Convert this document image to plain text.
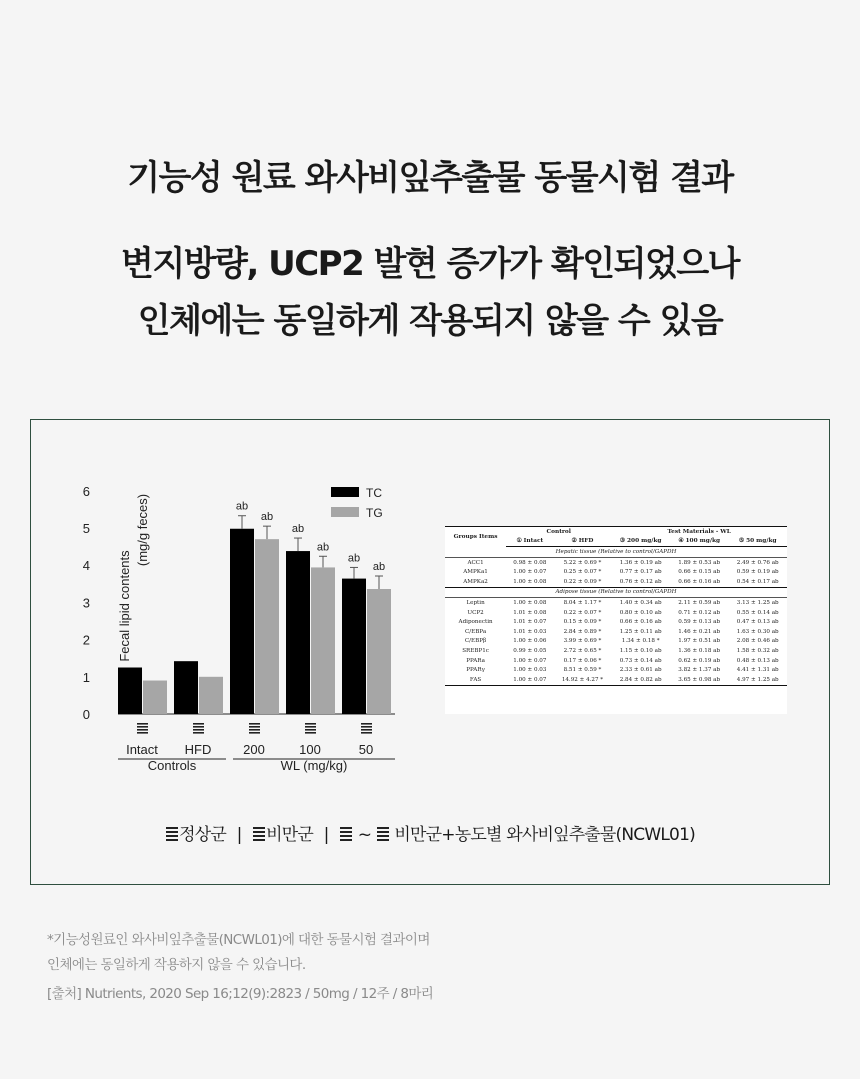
기능성 원료 와사비잎추출물 동물시험 결과
변지방량, UCP2 발현 증가가 확인되었으나
인체에는 동일하게 작용되지 않을 수 있음
0
1
2
3
4
5
6
Fecal lipid contents
(mg/g feces)
Intact HFD
ab
ab
200
ab
ab
100
ab
ab
50
Controls	WL (mg/kg)
TC
TG
Groups Items	Control		Test Materials - WL		
	① Intact	② HFD	③ 200 mg/kg	④ 100 mg/kg	⑤ 50 mg/kg
Hepatic tissue (Relative to control/GAPDH					
ACC1	0.98 ± 0.08	5.22 ± 0.69 *	1.36 ± 0.19 ab	1.89 ± 0.53 ab	2.49 ± 0.76 ab
AMPKa1	1.00 ± 0.07	0.25 ± 0.07 *	0.77 ± 0.17 ab	0.66 ± 0.15 ab	0.59 ± 0.19 ab
AMPKa2	1.00 ± 0.08	0.22 ± 0.09 *	0.76 ± 0.12 ab	0.66 ± 0.16 ab	0.54 ± 0.17 ab
Adipose tissue (Relative to control/GAPDH					
Leptin	1.00 ± 0.08	8.04 ± 1.17 *	1.40 ± 0.34 ab	2.11 ± 0.59 ab	3.13 ± 1.25 ab
UCP2	1.01 ± 0.08	0.22 ± 0.07 *	0.80 ± 0.10 ab	0.71 ± 0.12 ab	0.55 ± 0.14 ab
Adiponectin	1.01 ± 0.07	0.15 ± 0.09 *	0.66 ± 0.16 ab	0.59 ± 0.13 ab	0.47 ± 0.13 ab
C/EBPa	1.01 ± 0.03	2.84 ± 0.89 *	1.25 ± 0.11 ab	1.46 ± 0.21 ab	1.63 ± 0.30 ab
C/EBPβ	1.00 ± 0.06	3.99 ± 0.69 *	1.34 ± 0.18 *	1.97 ± 0.51 ab	2.08 ± 0.46 ab
SREBP1c	0.99 ± 0.05	2.72 ± 0.65 *	1.15 ± 0.10 ab	1.36 ± 0.18 ab	1.58 ± 0.32 ab
PPARa	1.00 ± 0.07	0.17 ± 0.06 *	0.73 ± 0.14 ab	0.62 ± 0.19 ab	0.48 ± 0.13 ab
PPARγ	1.00 ± 0.03	8.51 ± 0.59 *	2.33 ± 0.61 ab	3.82 ± 1.37 ab	4.41 ± 1.31 ab
FAS	1.00 ± 0.07	14.92 ± 4.27 *	2.84 ± 0.82 ab	3.65 ± 0.98 ab	4.97 ± 1.25 ab
정상군 | 비만군 | ~ 비만군+농도별 와사비잎추출물(NCWL01)
*기능성원료인 와사비잎추출물(NCWL01)에 대한 동물시험 결과이며
인체에는 동일하게 작용하지 않을 수 있습니다.
[출처] Nutrients, 2020 Sep 16;12(9):2823 / 50mg / 12주 / 8마리
